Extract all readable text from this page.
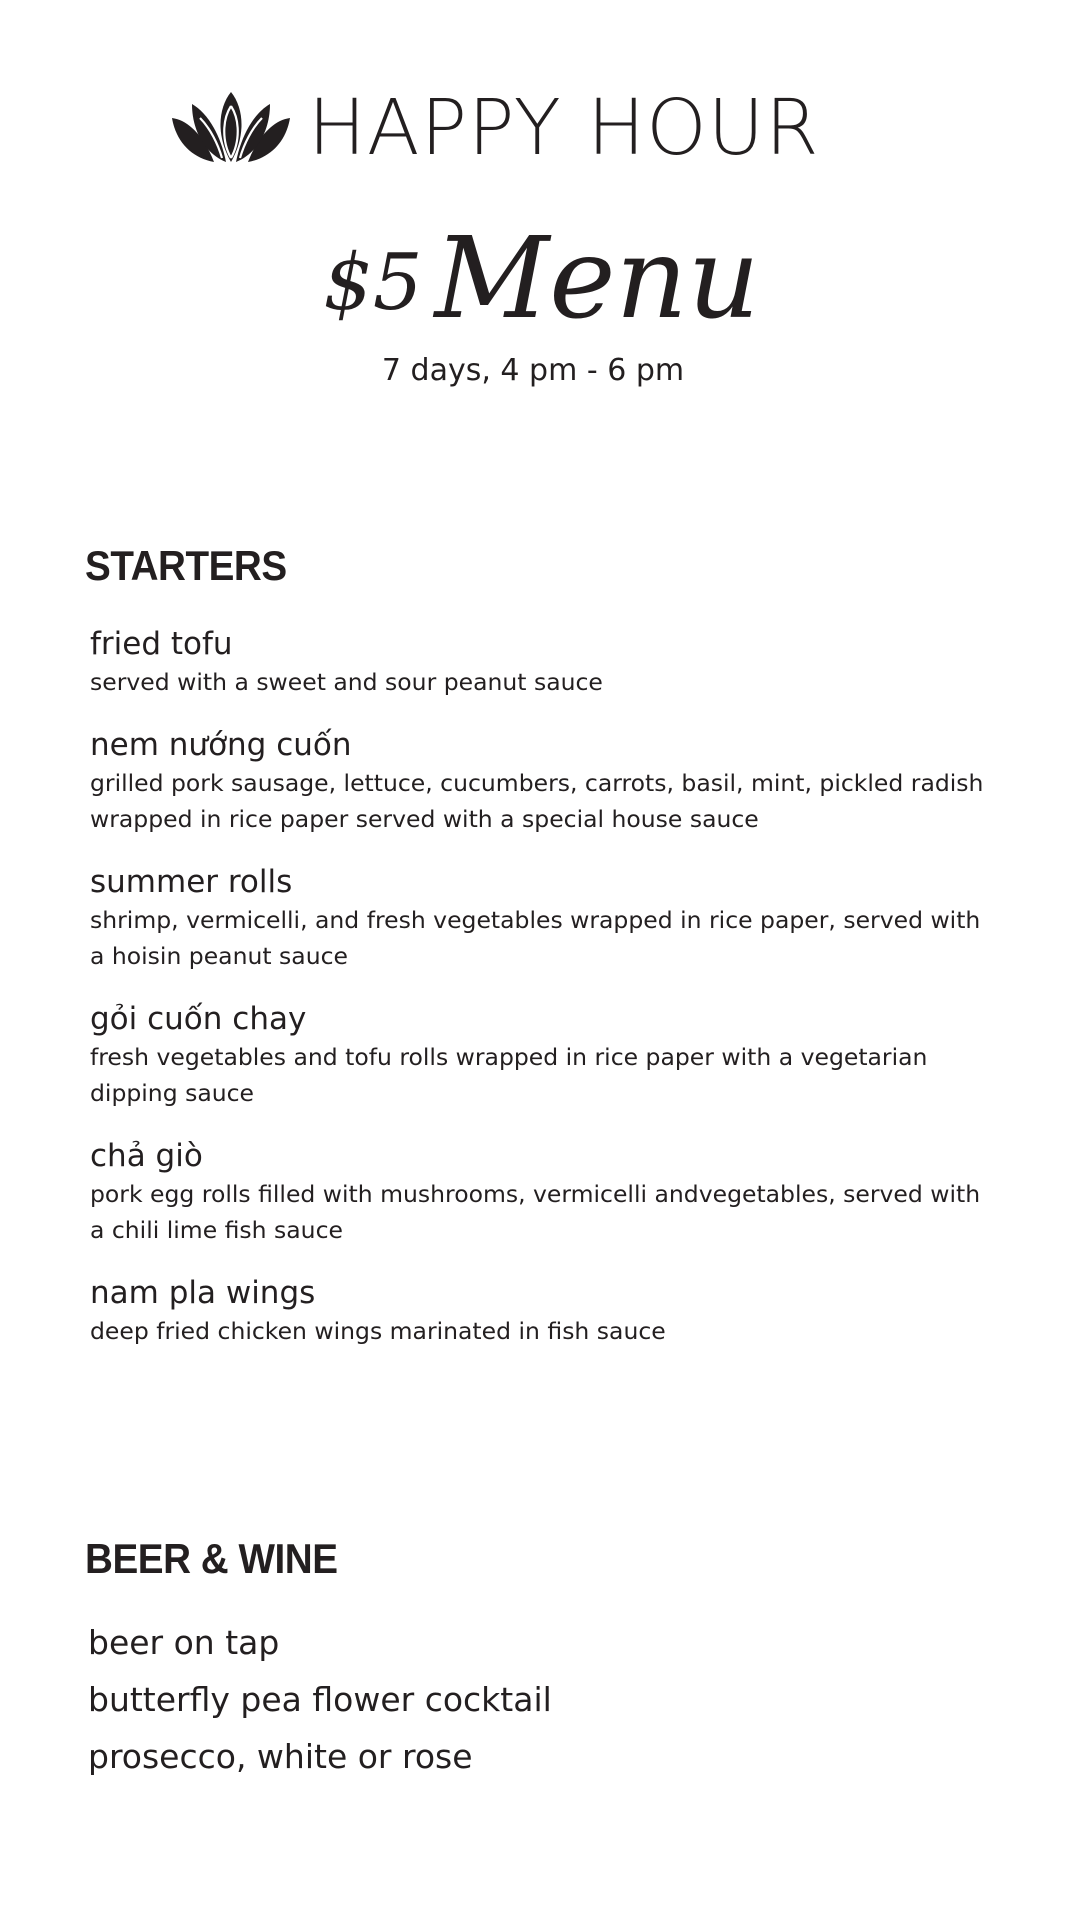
HAPPY HOUR
$5 Menu
7 days, 4 pm - 6 pm
STARTERS
fried tofu
served with a sweet and sour peanut sauce
nem nướng cuốn
grilled pork sausage, lettuce, cucumbers, carrots, basil, mint, pickled radish wrapped in rice paper served with a special house sauce
summer rolls
shrimp, vermicelli, and fresh vegetables wrapped in rice paper, served with a hoisin peanut sauce
gỏi cuốn chay
fresh vegetables and tofu rolls wrapped in rice paper with a vegetarian dipping sauce
chả giò
pork egg rolls filled with mushrooms, vermicelli andvegetables, served with a chili lime fish sauce
nam pla wings
deep fried chicken wings marinated in fish sauce
BEER & WINE
beer on tap
butterfly pea flower cocktail
prosecco, white or rose
